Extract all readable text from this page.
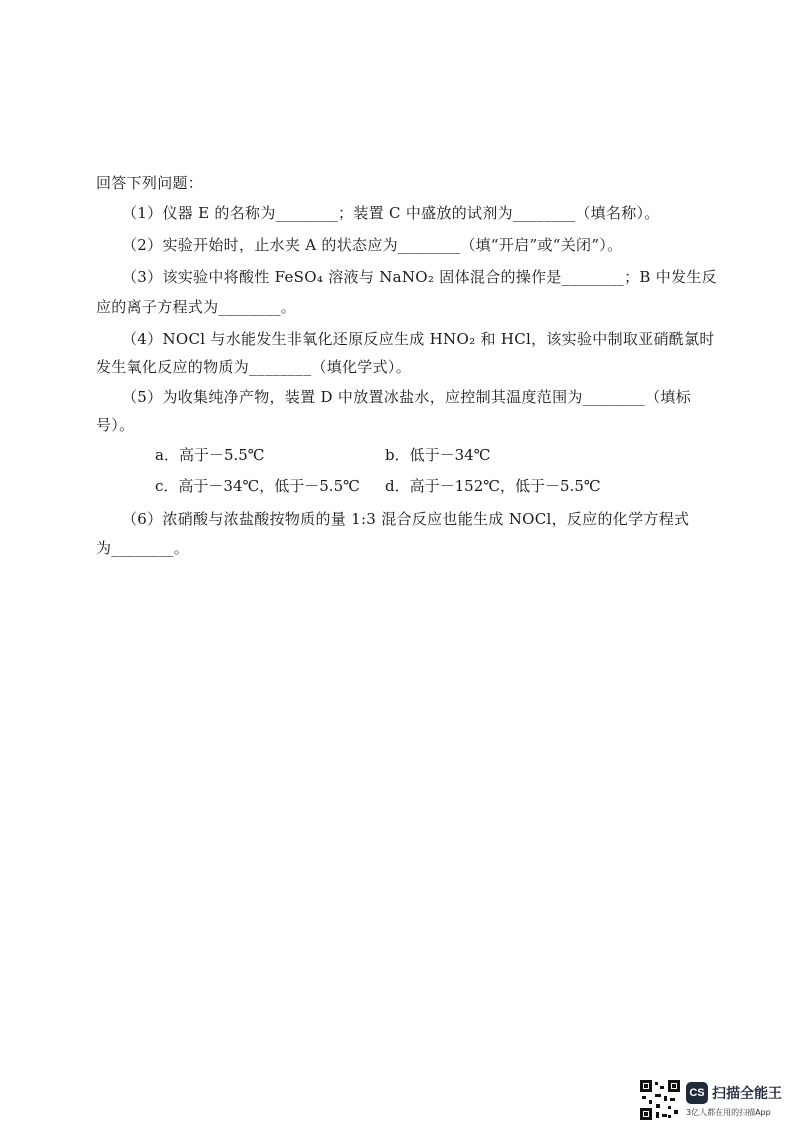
回答下列问题：
（1）仪器 E 的名称为________；装置 C 中盛放的试剂为________（填名称）。
（2）实验开始时，止水夹 A 的状态应为________（填“开启”或“关闭”）。
（3）该实验中将酸性 FeSO₄ 溶液与 NaNO₂ 固体混合的操作是________；B 中发生反
应的离子方程式为________。
（4）NOCl 与水能发生非氧化还原反应生成 HNO₂ 和 HCl，该实验中制取亚硝酰氯时
发生氧化反应的物质为________（填化学式）。
（5）为收集纯净产物，装置 D 中放置冰盐水，应控制其温度范围为________（填标
号）。
a．高于－5.5℃	b．低于－34℃
c．高于－34℃，低于－5.5℃ d．高于－152℃，低于－5.5℃
（6）浓硝酸与浓盐酸按物质的量 1:3 混合反应也能生成 NOCl，反应的化学方程式
为________。
CS 扫描全能王
3亿人都在用的扫描App
